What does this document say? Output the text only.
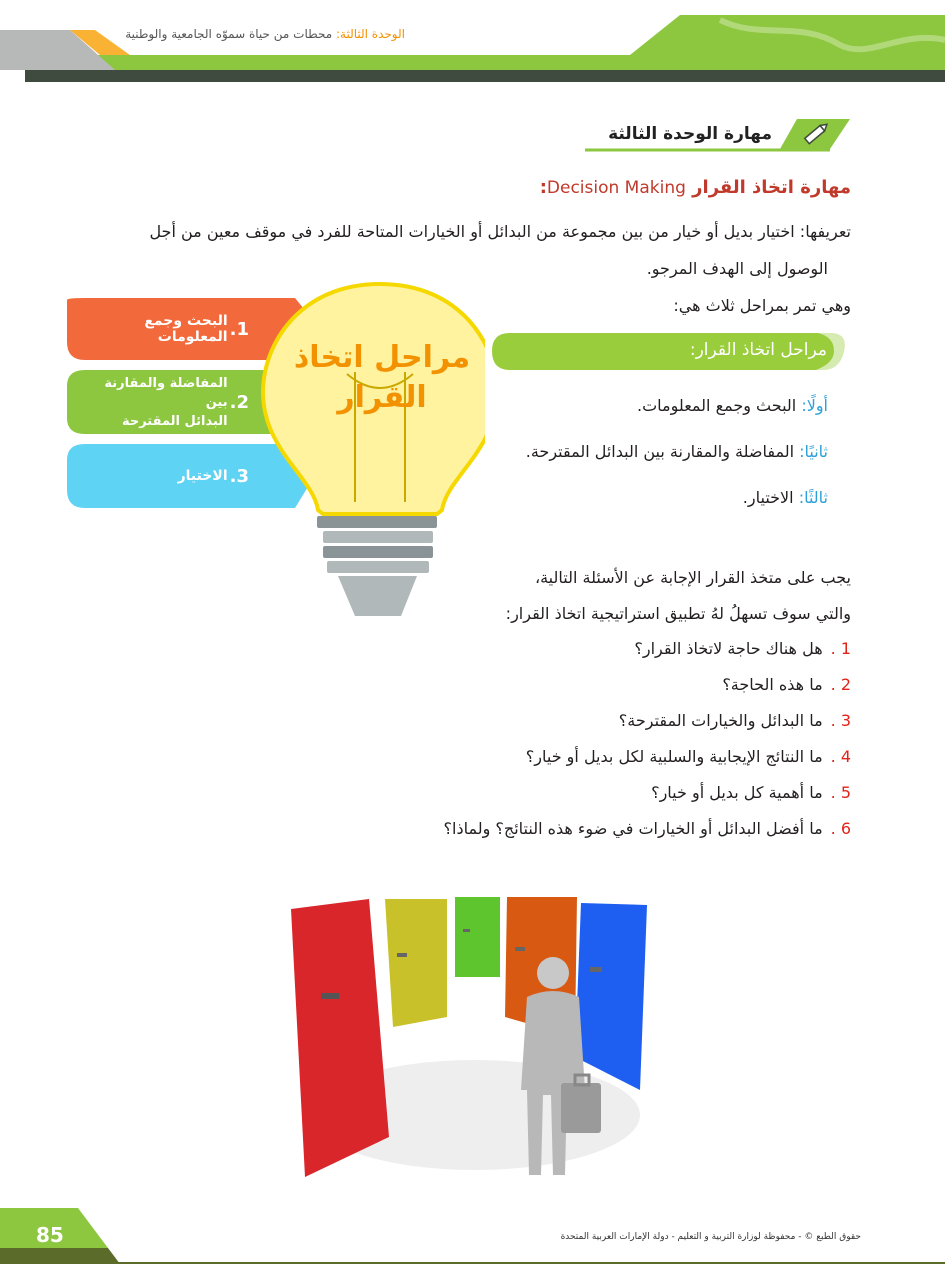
الوحدة الثالثة: محطات من حياة سموّه الجامعية والوطنية
مهارة الوحدة الثالثة
مهارة اتخاذ القرار Decision Making:
تعريفها: اختيار بديل أو خيار من بين مجموعة من البدائل أو الخيارات المتاحة للفرد في موقف معين من أجل
الوصول إلى الهدف المرجو.
وهي تمر بمراحل ثلاث هي:
مراحل اتخاذ
القرار
1.
البحث وجمع المعلومات
2.
المفاضلة والمقارنة بين
البدائل المقترحة
3.
الاختيار
مراحل اتخاذ القرار:
أولًا: البحث وجمع المعلومات.
ثانيًا: المفاضلة والمقارنة بين البدائل المقترحة.
ثالثًا: الاختيار.
يجب على متخذ القرار الإجابة عن الأسئلة التالية،
والتي سوف تسهلُ لهُ تطبيق استراتيجية اتخاذ القرار:
1 .هل هناك حاجة لاتخاذ القرار؟
2 .ما هذه الحاجة؟
3 .ما البدائل والخيارات المقترحة؟
4 .ما النتائج الإيجابية والسلبية لكل بديل أو خيار؟
5 .ما أهمية كل بديل أو خيار؟
6 .ما أفضل البدائل أو الخيارات في ضوء هذه النتائج؟ ولماذا؟
85	حقوق الطبع © - محفوظة لوزارة التربية و التعليم - دولة الإمارات العربية المتحدة
